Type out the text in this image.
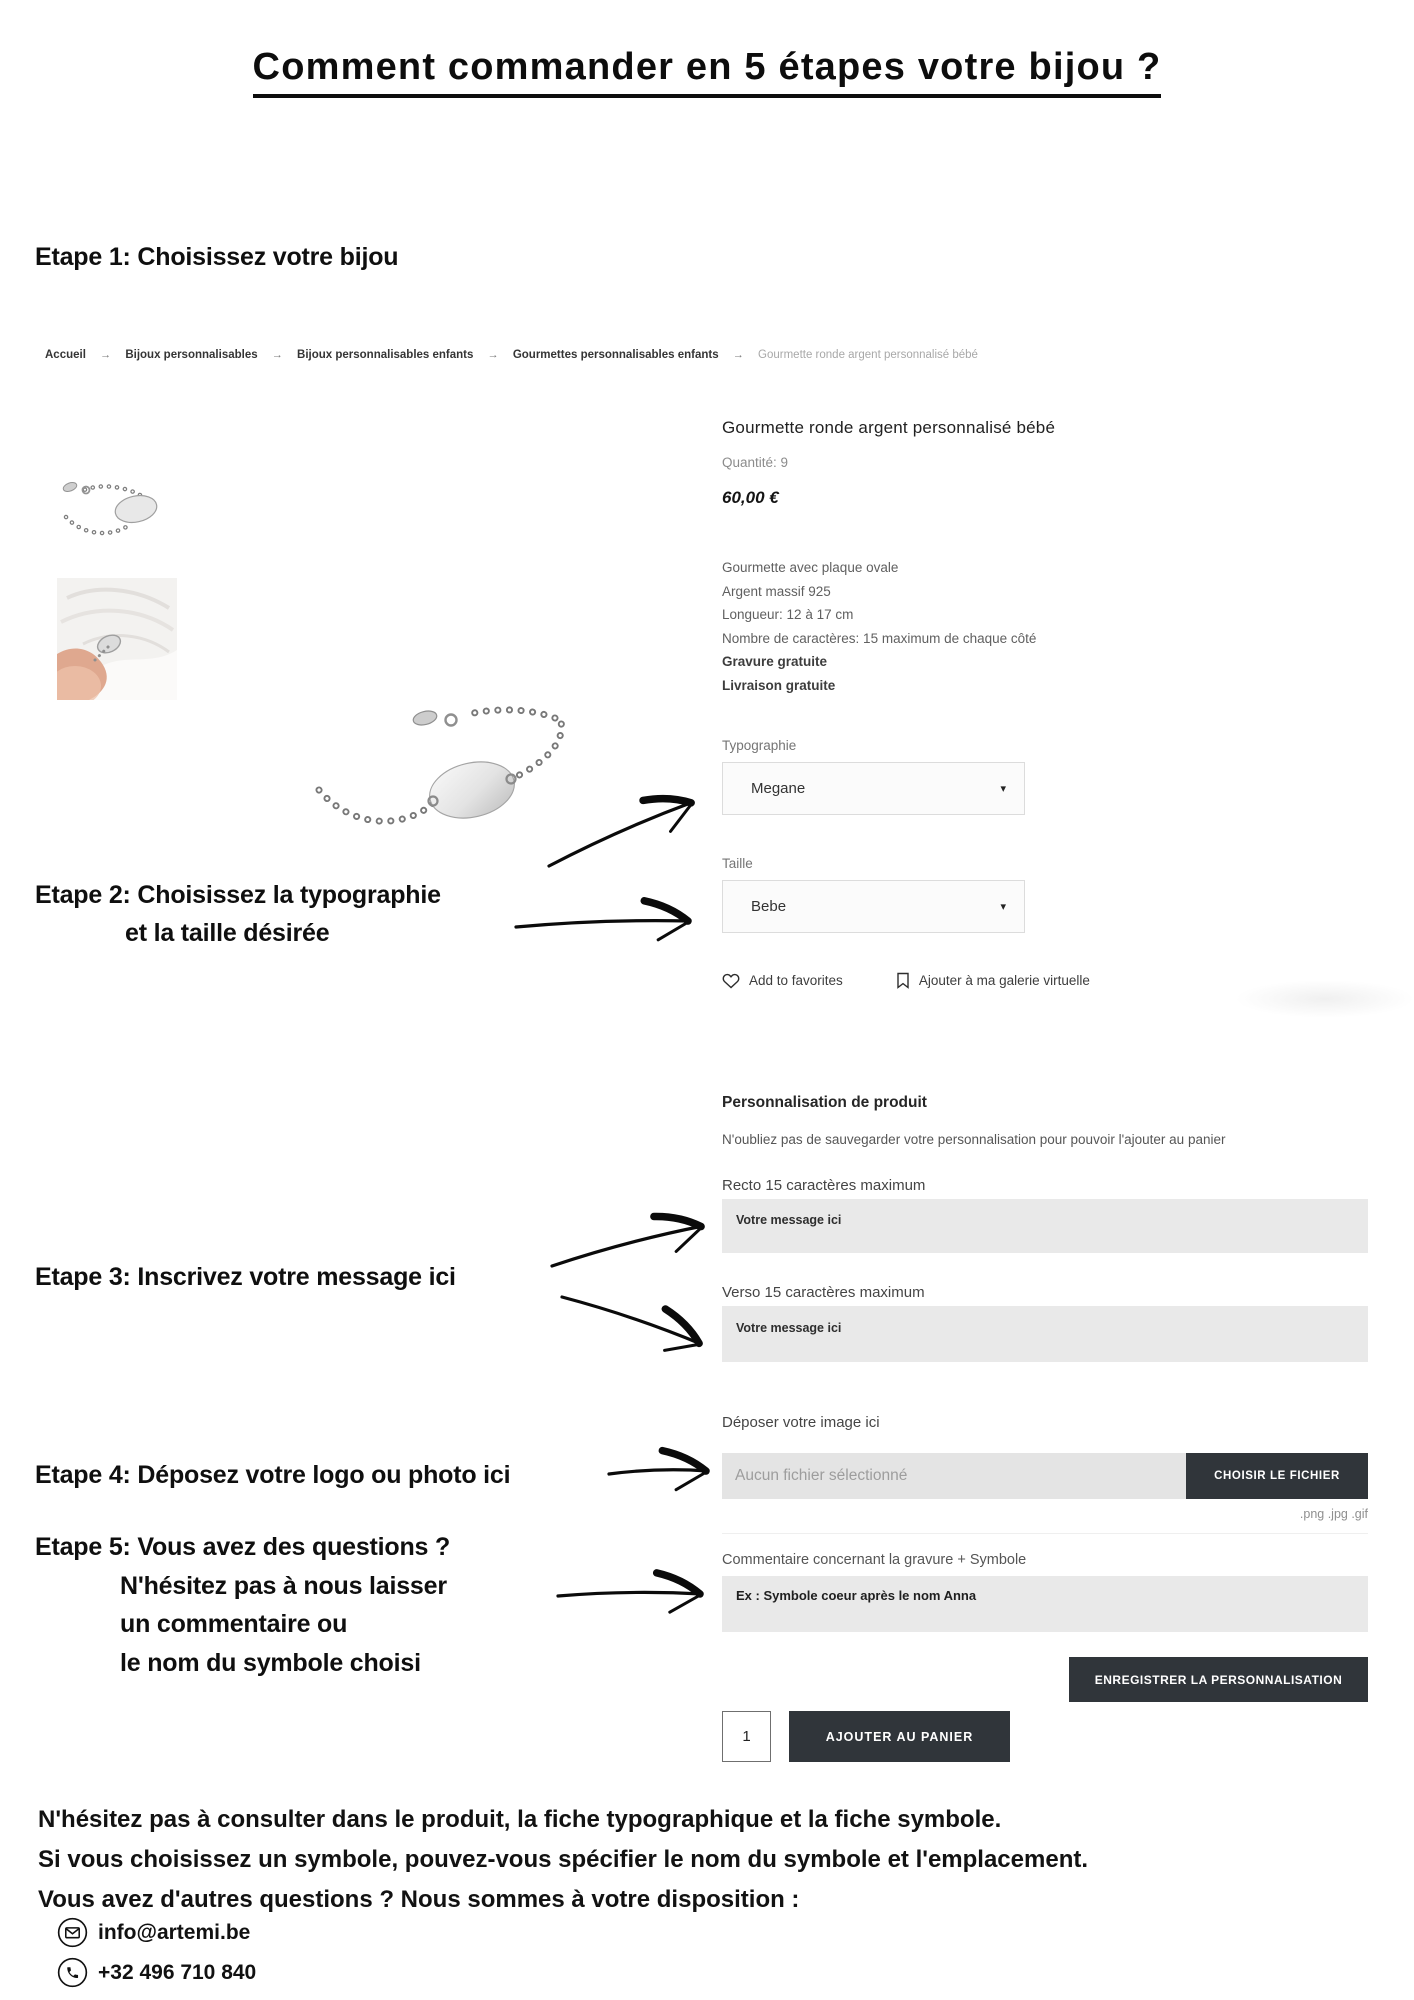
Comment commander en 5 étapes votre bijou ?
Etape 1: Choisissez votre bijou
Etape 2: Choisissez la typographie
et la taille désirée
Etape 3: Inscrivez votre message ici
Etape 4: Déposez votre logo ou photo ici
Etape 5: Vous avez des questions ?
N'hésitez pas à nous laisser
un commentaire ou
le nom du symbole choisi
Accueil → Bijoux personnalisables → Bijoux personnalisables enfants → Gourmettes personnalisables enfants → Gourmette ronde argent personnalisé bébé
Gourmette ronde argent personnalisé bébé
Quantité: 9
60,00 €
Gourmette avec plaque ovale
Argent massif 925
Longueur: 12 à 17 cm
Nombre de caractères: 15 maximum de chaque côté
Gravure gratuite
Livraison gratuite
Typographie
Megane	▾
Taille
Bebe	▾
Add to favorites	Ajouter à ma galerie virtuelle
Personnalisation de produit
N'oubliez pas de sauvegarder votre personnalisation pour pouvoir l'ajouter au panier
Recto 15 caractères maximum
Votre message ici
Verso 15 caractères maximum
Votre message ici
Déposer votre image ici
Aucun fichier sélectionné	CHOISIR LE FICHIER
.png .jpg .gif
Commentaire concernant la gravure + Symbole
Ex : Symbole coeur après le nom Anna
ENREGISTRER LA PERSONNALISATION
1
AJOUTER AU PANIER
N'hésitez pas à consulter dans le produit, la fiche typographique et la fiche symbole.
Si vous choisissez un symbole, pouvez-vous spécifier le nom du symbole et l'emplacement.
Vous avez d'autres questions ? Nous sommes à votre disposition :
info@artemi.be
+32 496 710 840
